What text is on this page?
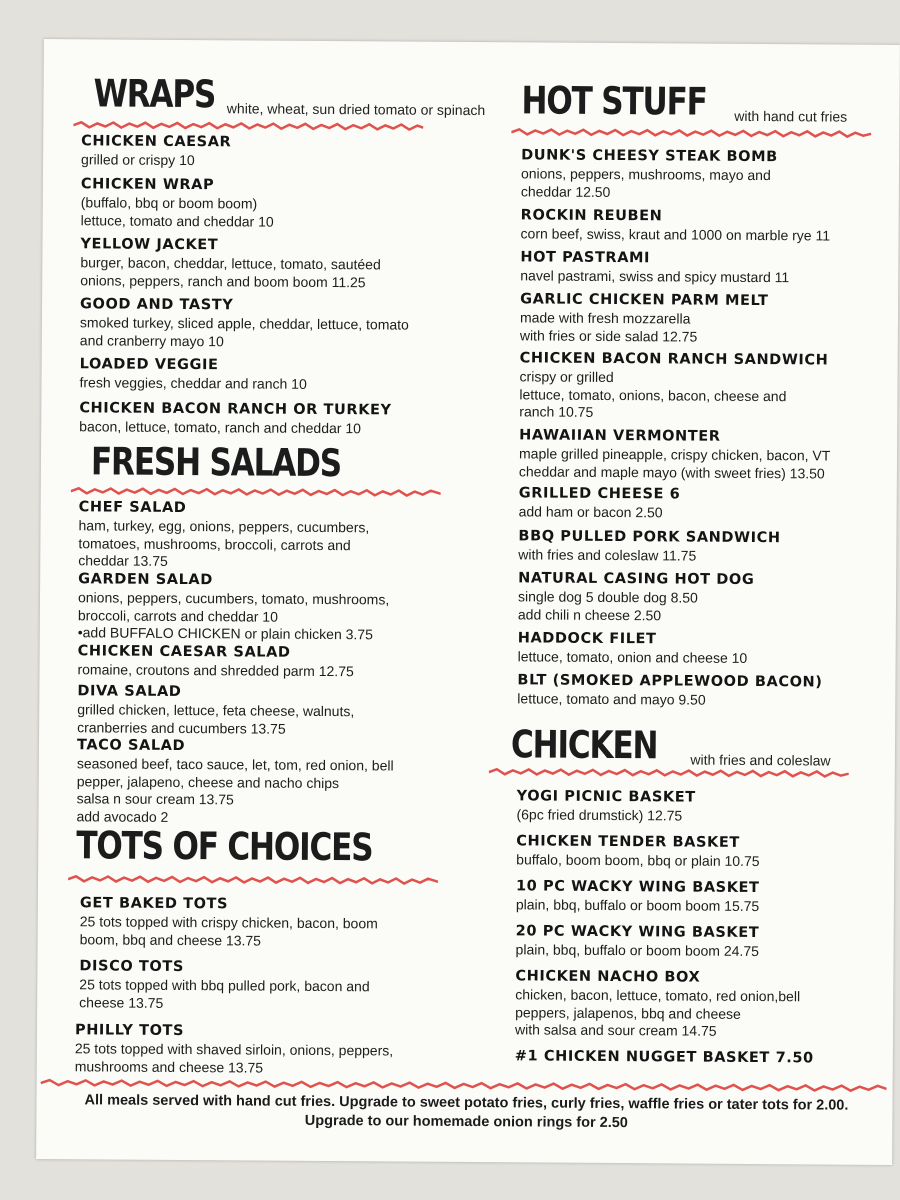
WRAPS white, wheat, sun dried tomato or spinach
CHICKEN CAESAR
grilled or crispy 10
CHICKEN WRAP
(buffalo, bbq or boom boom)
lettuce, tomato and cheddar 10
YELLOW JACKET
burger, bacon, cheddar, lettuce, tomato, sautéed
onions, peppers, ranch and boom boom 11.25
GOOD AND TASTY
smoked turkey, sliced apple, cheddar, lettuce, tomato
and cranberry mayo 10
LOADED VEGGIE
fresh veggies, cheddar and ranch 10
CHICKEN BACON RANCH OR TURKEY
bacon, lettuce, tomato, ranch and cheddar 10
FRESH SALADS
CHEF SALAD
ham, turkey, egg, onions, peppers, cucumbers,
tomatoes, mushrooms, broccoli, carrots and
cheddar 13.75
GARDEN SALAD
onions, peppers, cucumbers, tomato, mushrooms,
broccoli, carrots and cheddar 10
•add BUFFALO CHICKEN or plain chicken 3.75
CHICKEN CAESAR SALAD
romaine, croutons and shredded parm 12.75
DIVA SALAD
grilled chicken, lettuce, feta cheese, walnuts,
cranberries and cucumbers 13.75
TACO SALAD
seasoned beef, taco sauce, let, tom, red onion, bell
pepper, jalapeno, cheese and nacho chips
salsa n sour cream 13.75
add avocado 2
TOTS OF CHOICES
GET BAKED TOTS
25 tots topped with crispy chicken, bacon, boom
boom, bbq and cheese 13.75
DISCO TOTS
25 tots topped with bbq pulled pork, bacon and
cheese 13.75
PHILLY TOTS
25 tots topped with shaved sirloin, onions, peppers,
mushrooms and cheese 13.75
HOT STUFF with hand cut fries
DUNK'S CHEESY STEAK BOMB
onions, peppers, mushrooms, mayo and
cheddar 12.50
ROCKIN REUBEN
corn beef, swiss, kraut and 1000 on marble rye 11
HOT PASTRAMI
navel pastrami, swiss and spicy mustard 11
GARLIC CHICKEN PARM MELT
made with fresh mozzarella
with fries or side salad 12.75
CHICKEN BACON RANCH SANDWICH
crispy or grilled
lettuce, tomato, onions, bacon, cheese and
ranch 10.75
HAWAIIAN VERMONTER
maple grilled pineapple, crispy chicken, bacon, VT
cheddar and maple mayo (with sweet fries) 13.50
GRILLED CHEESE 6
add ham or bacon 2.50
BBQ PULLED PORK SANDWICH
with fries and coleslaw 11.75
NATURAL CASING HOT DOG
single dog 5 double dog 8.50
add chili n cheese 2.50
HADDOCK FILET
lettuce, tomato, onion and cheese 10
BLT (SMOKED APPLEWOOD BACON)
lettuce, tomato and mayo 9.50
CHICKEN with fries and coleslaw
YOGI PICNIC BASKET
(6pc fried drumstick) 12.75
CHICKEN TENDER BASKET
buffalo, boom boom, bbq or plain 10.75
10 PC WACKY WING BASKET
plain, bbq, buffalo or boom boom 15.75
20 PC WACKY WING BASKET
plain, bbq, buffalo or boom boom 24.75
CHICKEN NACHO BOX
chicken, bacon, lettuce, tomato, red onion,bell
peppers, jalapenos, bbq and cheese
with salsa and sour cream 14.75
#1 CHICKEN NUGGET BASKET 7.50
All meals served with hand cut fries. Upgrade to sweet potato fries, curly fries, waffle fries or tater tots for 2.00.
Upgrade to our homemade onion rings for 2.50
